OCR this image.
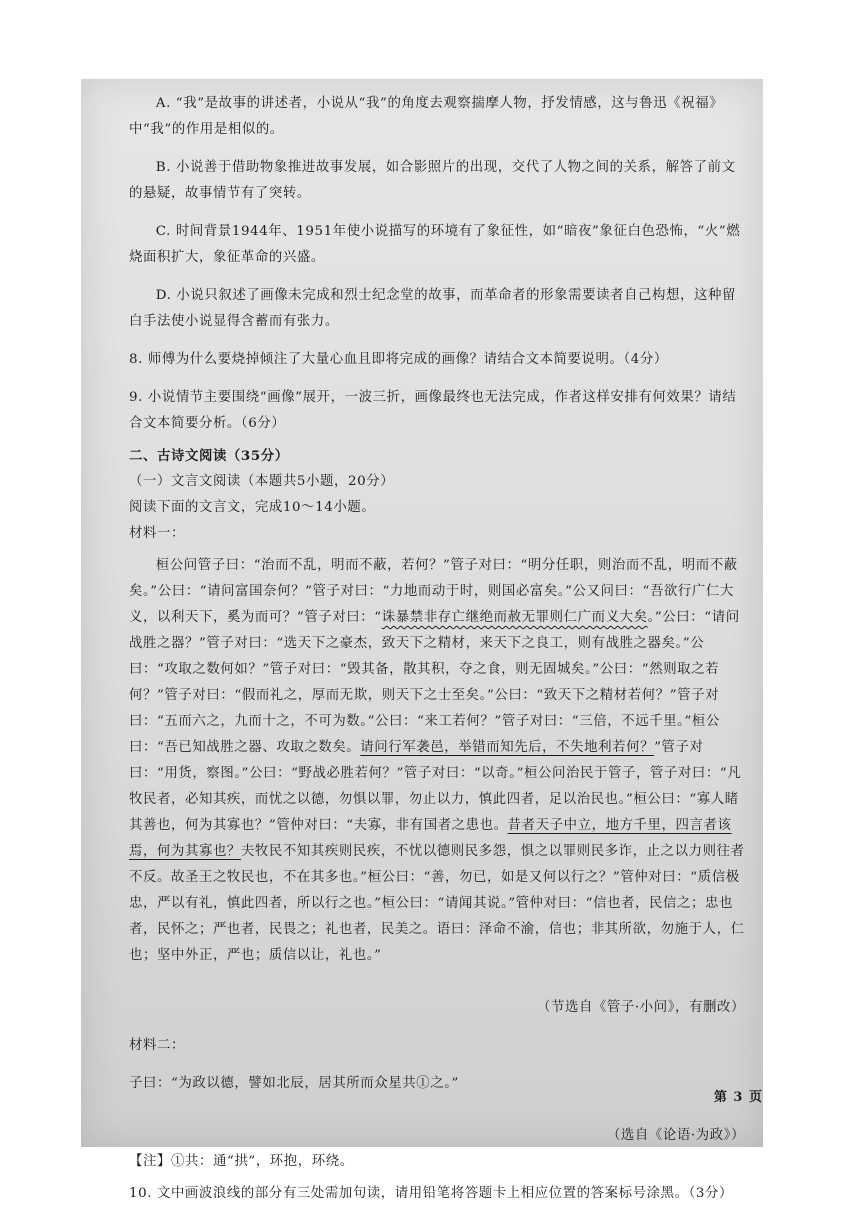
A. “我”是故事的讲述者，小说从“我”的角度去观察揣摩人物，抒发情感，这与鲁迅《祝福》中“我”的作用是相似的。

B. 小说善于借助物象推进故事发展，如合影照片的出现，交代了人物之间的关系，解答了前文的悬疑，故事情节有了突转。

C. 时间背景1944年、1951年使小说描写的环境有了象征性，如“暗夜”象征白色恐怖，“火”燃烧面积扩大，象征革命的兴盛。

D. 小说只叙述了画像未完成和烈士纪念堂的故事，而革命者的形象需要读者自己构想，这种留白手法使小说显得含蓄而有张力。

8. 师傅为什么要烧掉倾注了大量心血且即将完成的画像？请结合文本简要说明。（4分）

9. 小说情节主要围绕“画像”展开，一波三折，画像最终也无法完成，作者这样安排有何效果？请结合文本简要分析。（6分）

二、古诗文阅读（35分）

（一）文言文阅读（本题共5小题，20分）

阅读下面的文言文，完成10～14小题。

材料一：

桓公问管子曰：“治而不乱，明而不蔽，若何？”管子对曰：“明分任职，则治而不乱，明而不蔽矣。”公曰：“请问富国奈何？”管子对曰：“力地而动于时，则国必富矣。”公又问曰：“吾欲行广仁大义，以利天下，奚为而可？”管子对曰：“诛暴禁非存亡继绝而赦无罪则仁广而义大矣。”公曰：“请问战胜之器？”管子对曰：“选天下之豪杰，致天下之精材，来天下之良工，则有战胜之器矣。”公曰：“攻取之数何如？”管子对曰：“毁其备，散其积，夺之食，则无固城矣。”公曰：“然则取之若何？”管子对曰：“假而礼之，厚而无欺，则天下之士至矣。”公曰：“致天下之精材若何？”管子对曰：“五而六之，九而十之，不可为数。”公曰：“来工若何？”管子对曰：“三倍，不远千里。”桓公曰：“吾已知战胜之器、攻取之数矣。请问行军袭邑，举错而知先后，不失地利若何？”管子对曰：“用货，察图。”公曰：“野战必胜若何？”管子对曰：“以奇。”桓公问治民于管子，管子对曰：“凡牧民者，必知其疾，而忧之以德，勿惧以罪，勿止以力，慎此四者，足以治民也。”桓公曰：“寡人睹其善也，何为其寡也？”管仲对曰：“夫寡，非有国者之患也。昔者天子中立，地方千里，四言者该焉，何为其寡也？夫牧民不知其疾则民疾，不忧以德则民多怨，惧之以罪则民多诈，止之以力则往者不反。故圣王之牧民也，不在其多也。”桓公曰：“善，勿已，如是又何以行之？”管仲对曰：“质信极忠，严以有礼，慎此四者，所以行之也。”桓公曰：“请闻其说。”管仲对曰：“信也者，民信之；忠也者，民怀之；严也者，民畏之；礼也者，民美之。语曰：泽命不渝，信也；非其所欲，勿施于人，仁也；坚中外正，严也；质信以让，礼也。”

（节选自《管子·小问》，有删改）

材料二：

子曰：“为政以德，譬如北辰，居其所而众星共①之。”

（选自《论语·为政》）

【注】①共：通“拱”，环抱，环绕。

10. 文中画波浪线的部分有三处需加句读，请用铅笔将答题卡上相应位置的答案标号涂黑。（3分）

第 3 页
